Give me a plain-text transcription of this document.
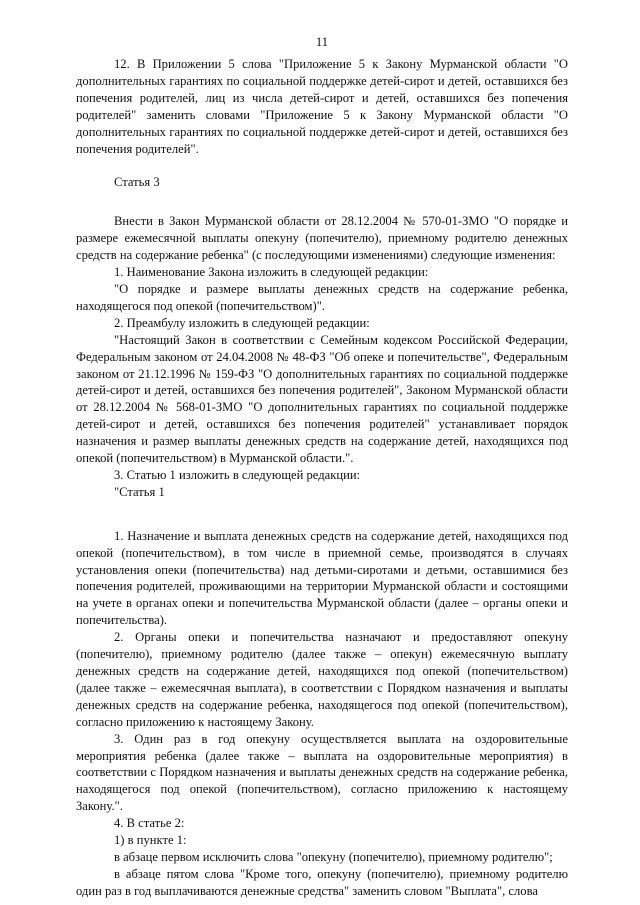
11

12. В Приложении 5 слова "Приложение 5 к Закону Мурманской области "О дополнительных гарантиях по социальной поддержке детей-сирот и детей, оставшихся без попечения родителей, лиц из числа детей-сирот и детей, оставшихся без попечения родителей" заменить словами "Приложение 5 к Закону Мурманской области "О дополнительных гарантиях по социальной поддержке детей-сирот и детей, оставшихся без попечения родителей".

Статья 3

Внести в Закон Мурманской области от 28.12.2004 № 570-01-ЗМО "О порядке и размере ежемесячной выплаты опекуну (попечителю), приемному родителю денежных средств на содержание ребенка" (с последующими изменениями) следующие изменения:

1. Наименование Закона изложить в следующей редакции:

"О порядке и размере выплаты денежных средств на содержание ребенка, находящегося под опекой (попечительством)".

2. Преамбулу изложить в следующей редакции:

"Настоящий Закон в соответствии с Семейным кодексом Российской Федерации, Федеральным законом от 24.04.2008 № 48-ФЗ "Об опеке и попечительстве", Федеральным законом от 21.12.1996 № 159-ФЗ "О дополнительных гарантиях по социальной поддержке детей-сирот и детей, оставшихся без попечения родителей", Законом Мурманской области от 28.12.2004 № 568-01-ЗМО "О дополнительных гарантиях по социальной поддержке детей-сирот и детей, оставшихся без попечения родителей" устанавливает порядок назначения и размер выплаты денежных средств на содержание детей, находящихся под опекой (попечительством) в Мурманской области.".

3. Статью 1 изложить в следующей редакции:

"Статья 1

1. Назначение и выплата денежных средств на содержание детей, находящихся под опекой (попечительством), в том числе в приемной семье, производятся в случаях установления опеки (попечительства) над детьми-сиротами и детьми, оставшимися без попечения родителей, проживающими на территории Мурманской области и состоящими на учете в органах опеки и попечительства Мурманской области (далее – органы опеки и попечительства).

2. Органы опеки и попечительства назначают и предоставляют опекуну (попечителю), приемному родителю (далее также – опекун) ежемесячную выплату денежных средств на содержание детей, находящихся под опекой (попечительством) (далее также – ежемесячная выплата), в соответствии с Порядком назначения и выплаты денежных средств на содержание ребенка, находящегося под опекой (попечительством), согласно приложению к настоящему Закону.

3. Один раз в год опекуну осуществляется выплата на оздоровительные мероприятия ребенка (далее также – выплата на оздоровительные мероприятия) в соответствии с Порядком назначения и выплаты денежных средств на содержание ребенка, находящегося под опекой (попечительством), согласно приложению к настоящему Закону.".

4. В статье 2:

1) в пункте 1:

в абзаце первом исключить слова "опекуну (попечителю), приемному родителю";

в абзаце пятом слова "Кроме того, опекуну (попечителю), приемному родителю один раз в год выплачиваются денежные средства" заменить словом "Выплата", слова
